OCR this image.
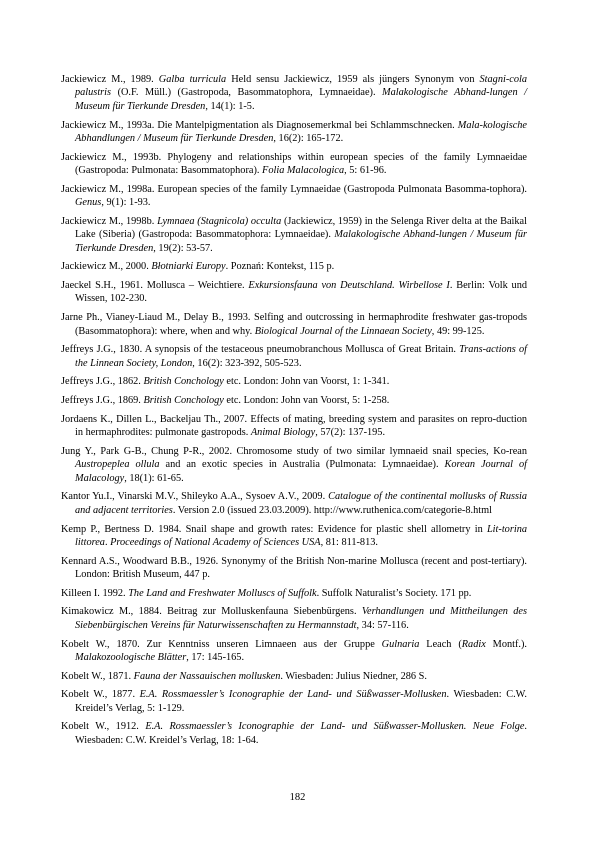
Jackiewicz M., 1989. Galba turricula Held sensu Jackiewicz, 1959 als jüngers Synonym von Stagni-cola palustris (O.F. Müll.) (Gastropoda, Basommatophora, Lymnaeidae). Malakologische Abhand-lungen / Museum für Tierkunde Dresden, 14(1): 1-5.
Jackiewicz M., 1993a. Die Mantelpigmentation als Diagnosemerkmal bei Schlammschnecken. Mala-kologische Abhandlungen / Museum für Tierkunde Dresden, 16(2): 165-172.
Jackiewicz M., 1993b. Phylogeny and relationships within european species of the family Lymnaeidae (Gastropoda: Pulmonata: Basommatophora). Folia Malacologica, 5: 61-96.
Jackiewicz M., 1998a. European species of the family Lymnaeidae (Gastropoda Pulmonata Basomma-tophora). Genus, 9(1): 1-93.
Jackiewicz M., 1998b. Lymnaea (Stagnicola) occulta (Jackiewicz, 1959) in the Selenga River delta at the Baikal Lake (Siberia) (Gastropoda: Basommatophora: Lymnaeidae). Malakologische Abhand-lungen / Museum für Tierkunde Dresden, 19(2): 53-57.
Jackiewicz M., 2000. Błotniarki Europy. Poznań: Kontekst, 115 p.
Jaeckel S.H., 1961. Mollusca – Weichtiere. Exkursionsfauna von Deutschland. Wirbellose I. Berlin: Volk und Wissen, 102-230.
Jarne Ph., Vianey-Liaud M., Delay B., 1993. Selfing and outcrossing in hermaphrodite freshwater gas-tropods (Basommatophora): where, when and why. Biological Journal of the Linnaean Society, 49: 99-125.
Jeffreys J.G., 1830. A synopsis of the testaceous pneumobranchous Mollusca of Great Britain. Trans-actions of the Linnean Society, London, 16(2): 323-392, 505-523.
Jeffreys J.G., 1862. British Conchology etc. London: John van Voorst, 1: 1-341.
Jeffreys J.G., 1869. British Conchology etc. London: John van Voorst, 5: 1-258.
Jordaens K., Dillen L., Backeljau Th., 2007. Effects of mating, breeding system and parasites on repro-duction in hermaphrodites: pulmonate gastropods. Animal Biology, 57(2): 137-195.
Jung Y., Park G-B., Chung P-R., 2002. Chromosome study of two similar lymnaeid snail species, Ko-rean Austropeplea ollula and an exotic species in Australia (Pulmonata: Lymnaeidae). Korean Journal of Malacology, 18(1): 61-65.
Kantor Yu.I., Vinarski M.V., Shileyko A.A., Sysoev A.V., 2009. Catalogue of the continental mollusks of Russia and adjacent territories. Version 2.0 (issued 23.03.2009). http://www.ruthenica.com/categorie-8.html
Kemp P., Bertness D. 1984. Snail shape and growth rates: Evidence for plastic shell allometry in Lit-torina littorea. Proceedings of National Academy of Sciences USA, 81: 811-813.
Kennard A.S., Woodward B.B., 1926. Synonymy of the British Non-marine Mollusca (recent and post-tertiary). London: British Museum, 447 p.
Killeen I. 1992. The Land and Freshwater Molluscs of Suffolk. Suffolk Naturalist’s Society. 171 pp.
Kimakowicz M., 1884. Beitrag zur Molluskenfauna Siebenbürgens. Verhandlungen und Mittheilungen des Siebenbürgischen Vereins für Naturwissenschaften zu Hermannstadt, 34: 57-116.
Kobelt W., 1870. Zur Kenntniss unseren Limnaeen aus der Gruppe Gulnaria Leach (Radix Montf.). Malakozoologische Blätter, 17: 145-165.
Kobelt W., 1871. Fauna der Nassauischen mollusken. Wiesbaden: Julius Niedner, 286 S.
Kobelt W., 1877. E.A. Rossmaessler’s Iconographie der Land- und Süßwasser-Mollusken. Wiesbaden: C.W. Kreidel’s Verlag, 5: 1-129.
Kobelt W., 1912. E.A. Rossmaessler’s Iconographie der Land- und Süßwasser-Mollusken. Neue Folge. Wiesbaden: C.W. Kreidel’s Verlag, 18: 1-64.
182
